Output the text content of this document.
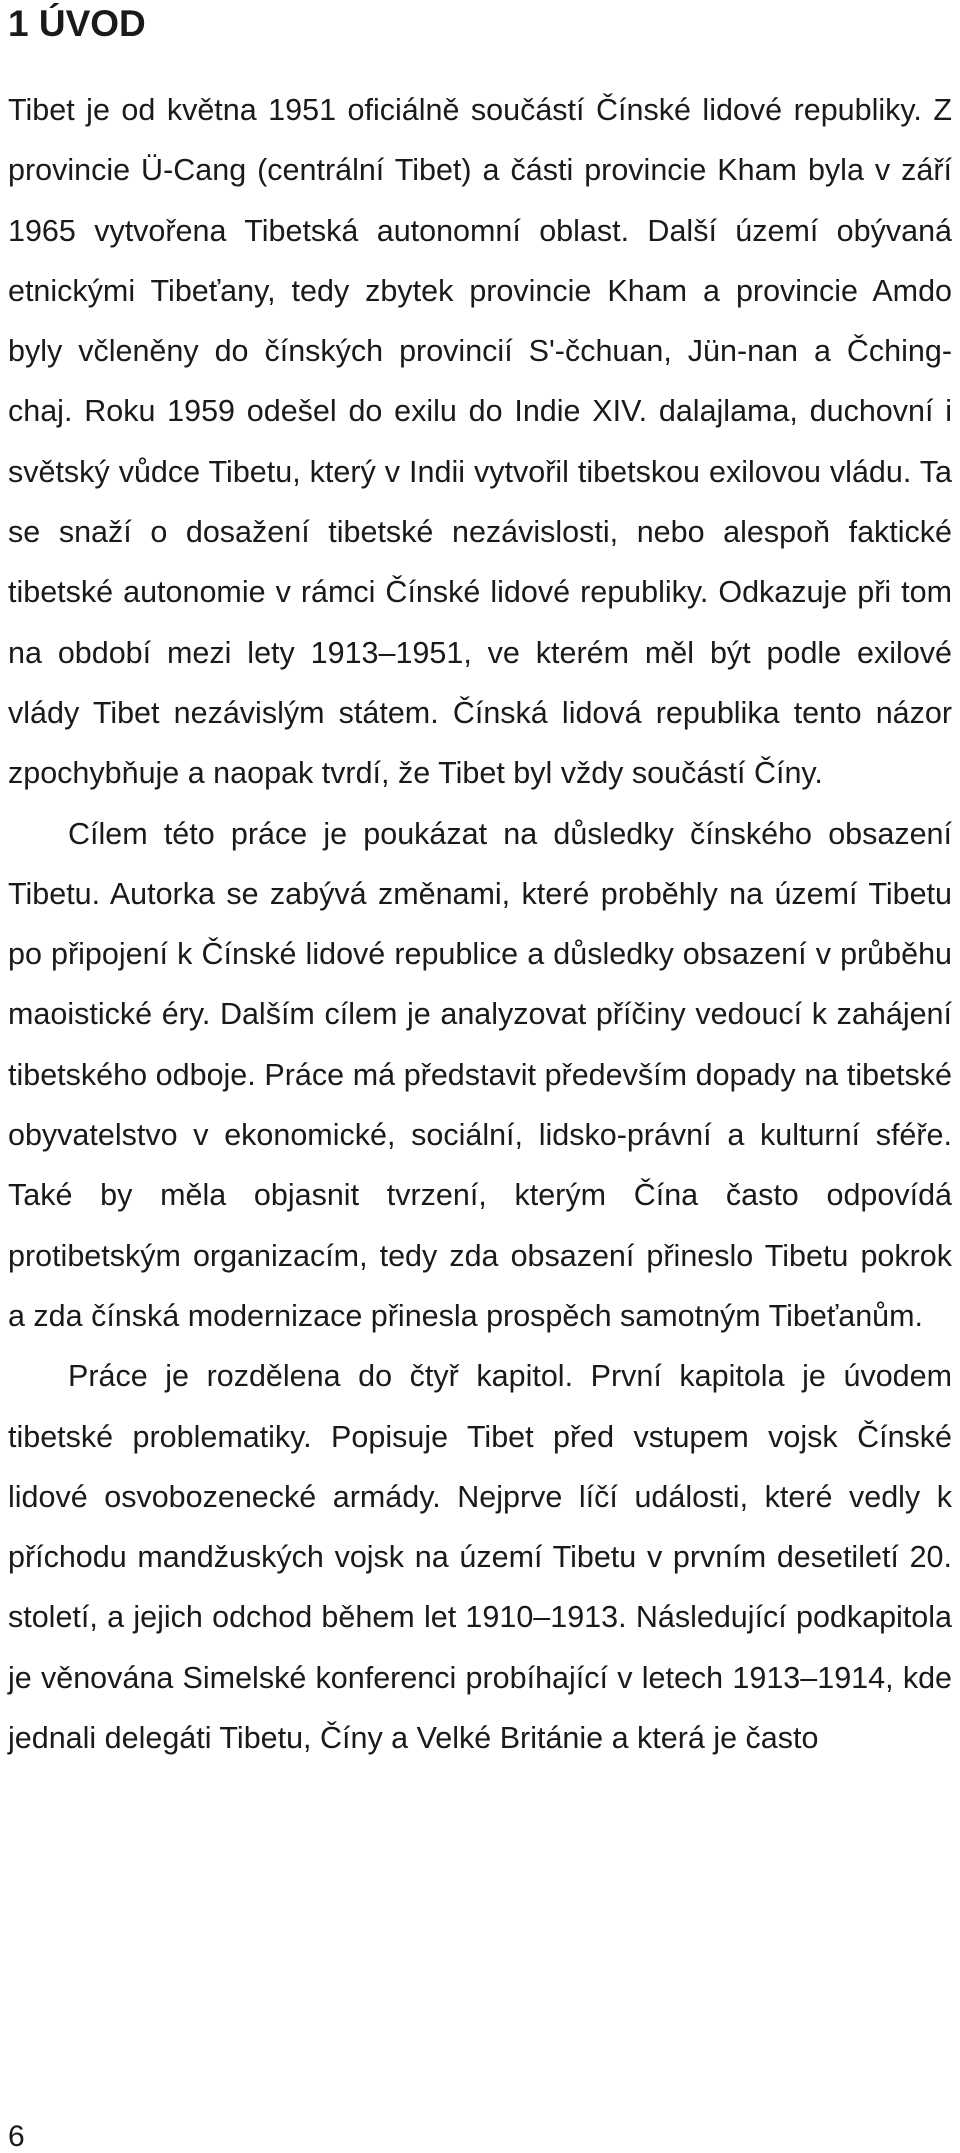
1 ÚVOD

Tibet je od května 1951 oficiálně součástí Čínské lidové republiky. Z provincie Ü-Cang (centrální Tibet) a části provincie Kham byla v září 1965 vytvořena Tibetská autonomní oblast. Další území obývaná etnickými Tibeťany, tedy zbytek provincie Kham a provincie Amdo byly včleněny do čínských provincií S'-čchuan, Jün-nan a Čching-chaj. Roku 1959 odešel do exilu do Indie XIV. dalajlama, duchovní i světský vůdce Tibetu, který v Indii vytvořil tibetskou exilovou vládu. Ta se snaží o dosažení tibetské nezávislosti, nebo alespoň faktické tibetské autonomie v rámci Čínské lidové republiky. Odkazuje při tom na období mezi lety 1913–1951, ve kterém měl být podle exilové vlády Tibet nezávislým státem. Čínská lidová republika tento názor zpochybňuje a naopak tvrdí, že Tibet byl vždy součástí Číny.

Cílem této práce je poukázat na důsledky čínského obsazení Tibetu. Autorka se zabývá změnami, které proběhly na území Tibetu po připojení k Čínské lidové republice a důsledky obsazení v průběhu maoistické éry. Dalším cílem je analyzovat příčiny vedoucí k zahájení tibetského odboje. Práce má představit především dopady na tibetské obyvatelstvo v ekonomické, sociální, lidsko-právní a kulturní sféře. Také by měla objasnit tvrzení, kterým Čína často odpovídá protibetským organizacím, tedy zda obsazení přineslo Tibetu pokrok a zda čínská modernizace přinesla prospěch samotným Tibeťanům.

Práce je rozdělena do čtyř kapitol. První kapitola je úvodem tibetské problematiky. Popisuje Tibet před vstupem vojsk Čínské lidové osvobozenecké armády. Nejprve líčí události, které vedly k příchodu mandžuských vojsk na území Tibetu v prvním desetiletí 20. století, a jejich odchod během let 1910–1913. Následující podkapitola je věnována Simelské konferenci probíhající v letech 1913–1914, kde jednali delegáti Tibetu, Číny a Velké Británie a která je často

6
